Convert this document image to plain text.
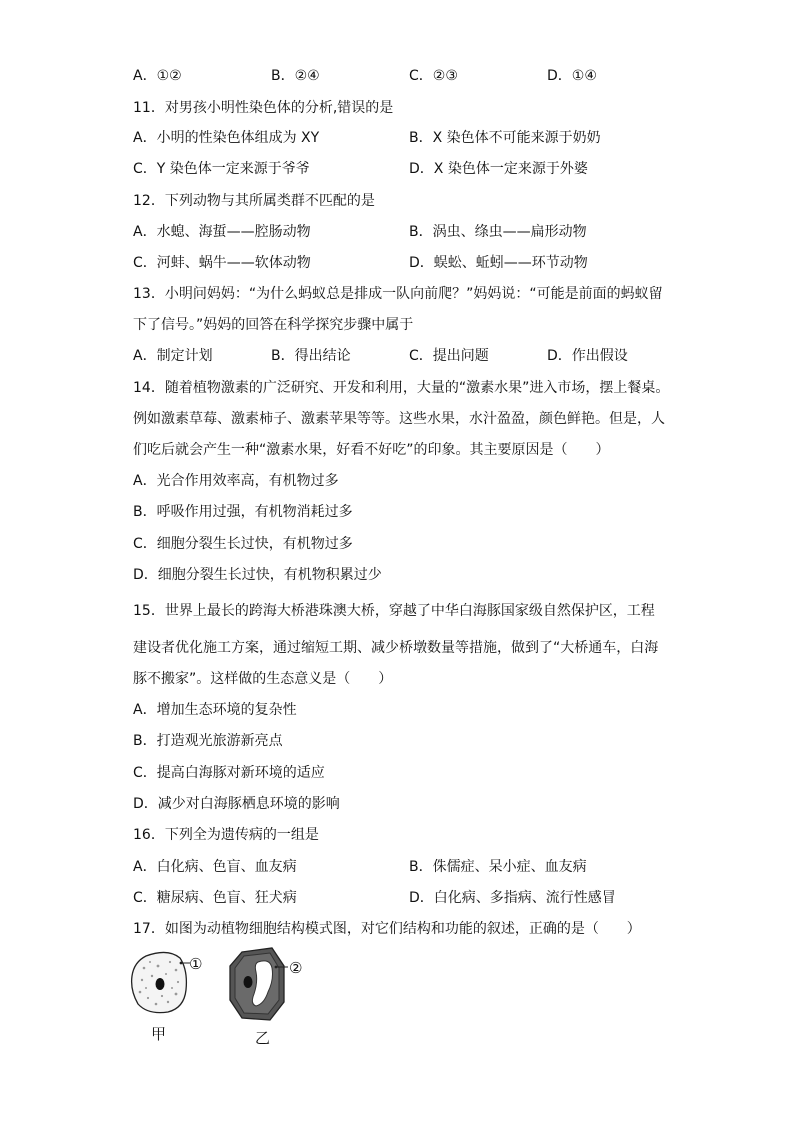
A．①②	B．②④	C．②③	D．①④
11．对男孩小明性染色体的分析,错误的是
A．小明的性染色体组成为 XY	B．X 染色体不可能来源于奶奶
C．Y 染色体一定来源于爷爷	D．X 染色体一定来源于外婆
12．下列动物与其所属类群不匹配的是
A．水螅、海蜇——腔肠动物	B．涡虫、绦虫——扁形动物
C．河蚌、蜗牛——软体动物	D．蜈蚣、蚯蚓——环节动物
13．小明问妈妈：“为什么蚂蚁总是排成一队向前爬？”妈妈说：“可能是前面的蚂蚁留
下了信号。”妈妈的回答在科学探究步骤中属于
A．制定计划	B．得出结论	C．提出问题	D．作出假设
14．随着植物激素的广泛研究、开发和利用，大量的“激素水果”进入市场，摆上餐桌。
例如激素草莓、激素柿子、激素苹果等等。这些水果，水汁盈盈，颜色鲜艳。但是，人
们吃后就会产生一种“激素水果，好看不好吃”的印象。其主要原因是（　　）
A．光合作用效率高，有机物过多
B．呼吸作用过强，有机物消耗过多
C．细胞分裂生长过快，有机物过多
D．细胞分裂生长过快，有机物积累过少
15．世界上最长的跨海大桥港珠澳大桥，穿越了中华白海豚国家级自然保护区，工程
建设者优化施工方案，通过缩短工期、减少桥墩数量等措施，做到了“大桥通车，白海
豚不搬家”。这样做的生态意义是（　　）
A．增加生态环境的复杂性
B．打造观光旅游新亮点
C．提高白海豚对新环境的适应
D．减少对白海豚栖息环境的影响
16．下列全为遗传病的一组是
A．白化病、色盲、血友病	B．侏儒症、呆小症、血友病
C．糖尿病、色盲、狂犬病	D．白化病、多指病、流行性感冒
17．如图为动植物细胞结构模式图，对它们结构和功能的叙述，正确的是（　　）
①
甲
②
乙
